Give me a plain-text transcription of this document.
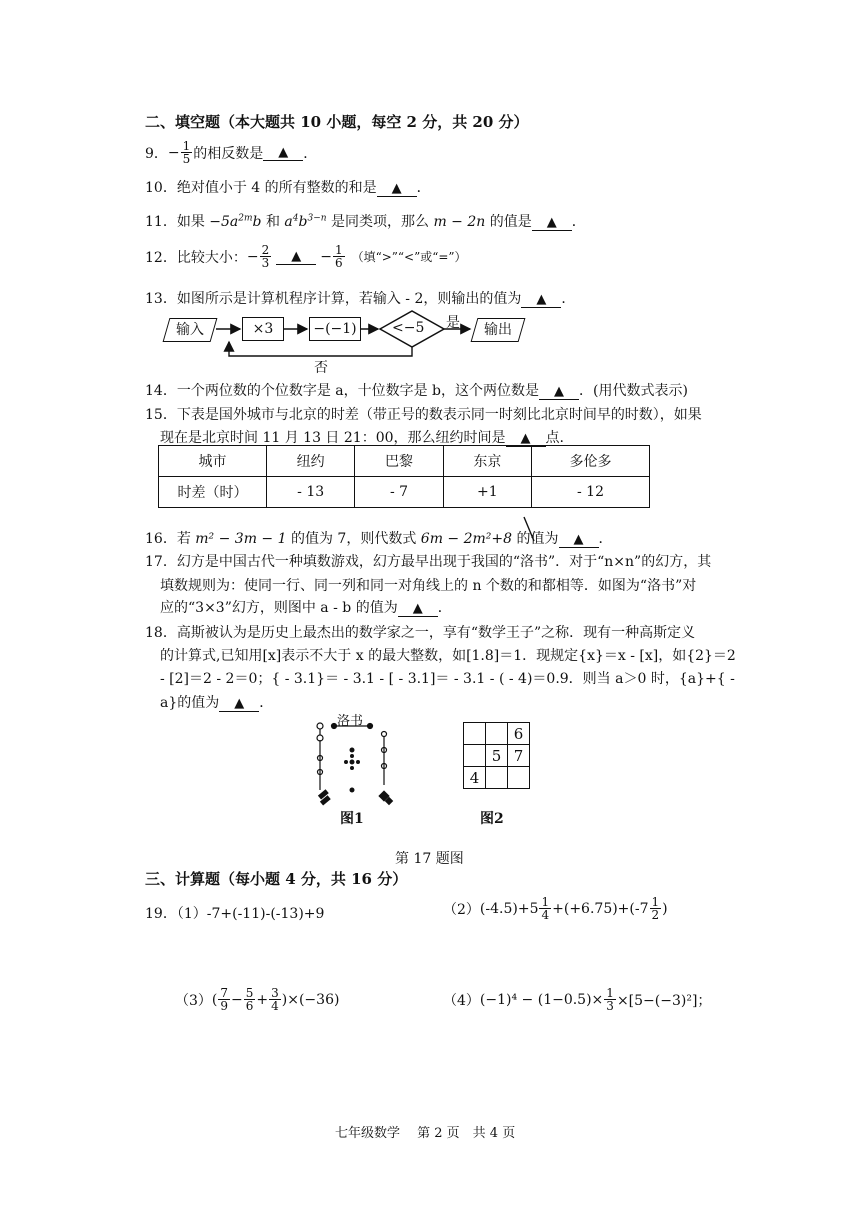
二、填空题（本大题共 10 小题，每空 2 分，共 20 分）
9． − $\frac{1}{5}$ 的相反数是	▲	．
10．绝对值小于 4 的所有整数的和是 ▲ ．
11．如果 $-5a^{2m}b$ 和 $a^4b^{3-n}$ 是同类项，那么 m − 2n 的值是 ▲ ．
12．比较大小： − $\frac{2}{3}$	▲	− $\frac{1}{6}$ （填“>”“<”或“=”）
13．如图所示是计算机程序计算，若输入 - 2，则输出的值为 ▲ ．
输入	×3	−(−1)	<−5 是	输出
否
14．一个两位数的个位数字是 a，十位数字是 b，这个两位数是 ▲ ．(用代数式表示)
15．下表是国外城市与北京的时差（带正号的数表示同一时刻比北京时间早的时数），如果
现在是北京时间 11 月 13 日 21：00，那么纽约时间是 ▲ 点.
城市	纽约	巴黎	东京	多伦多
时差（时）	- 13	- 7	+1	- 12
16．若 m² − 3m − 1 的值为 7，则代数式 6m − 2m²+8 的值为 ▲ ．
17．幻方是中国古代一种填数游戏，幻方最早出现于我国的“洛书”．对于“n×n”的幻方，其
填数规则为：使同一行、同一列和同一对角线上的 n 个数的和都相等．如图为“洛书”对
应的“3×3”幻方，则图中 a - b 的值为 ▲ ．
18．高斯被认为是历史上最杰出的数学家之一，享有“数学王子”之称．现有一种高斯定义
的计算式,已知用[x]表示不大于 x 的最大整数，如[1.8]＝1．现规定{x}＝x - [x]，如{2}＝2
- [2]＝2 - 2＝0；{ - 3.1}＝ - 3.1 - [ - 3.1]＝ - 3.1 - ( - 4)＝0.9．则当 a＞0 时，{a}+{ -
a}的值为 ▲ ．
洛书
图1
		6
	5	7
4		
图2
第 17 题图
三、计算题（每小题 4 分，共 16 分）
19．（1）-7+(-11)-(-13)+9	（2） $(-4.5)+5 \frac{1}{4} +(+6.75)+(-7 \frac{1}{2}$ )
（3） ( $\frac{7}{9} - \frac{5}{6} + \frac{3}{4} )\times(-36)$	（4） $(-1)^4 - (1-0.5)\times \frac{1}{3} \times[5-(-3)^2]$；
七年级数学　 第 2 页　共 4 页
